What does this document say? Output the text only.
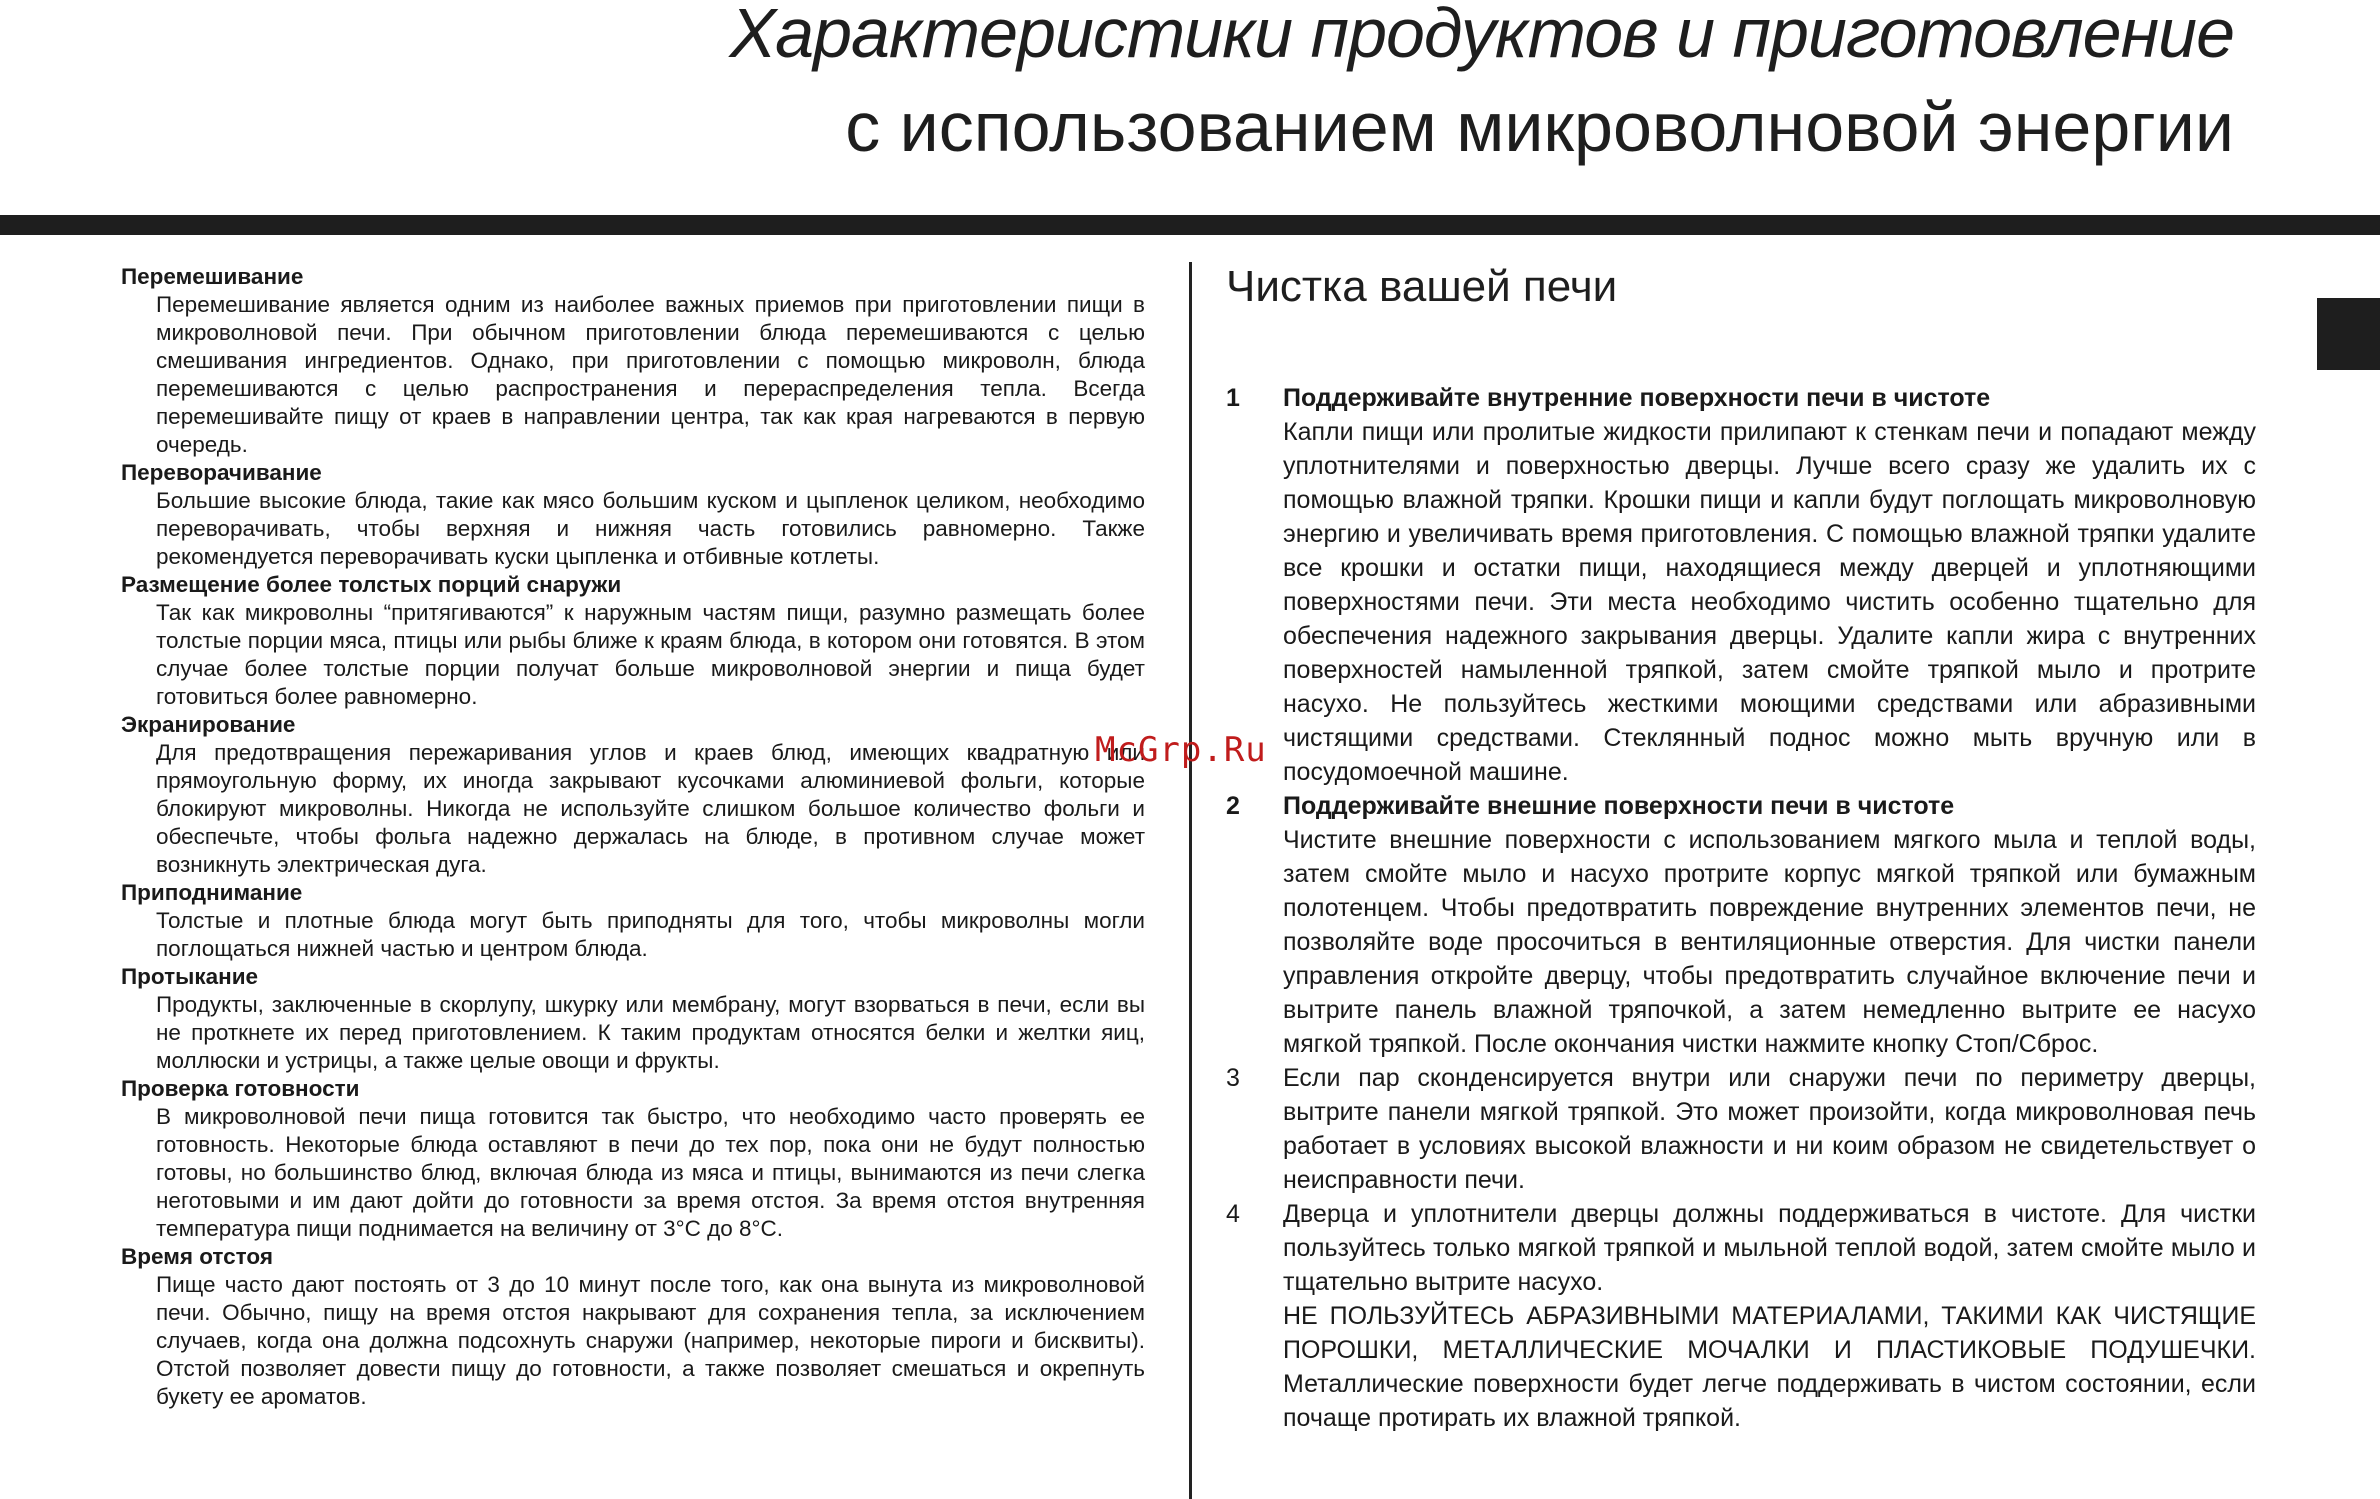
Характеристики продуктов и приготовление
с использованием микроволновой энергии

Перемешивание

Перемешивание является одним из наиболее важных приемов при приготовлении пищи в микроволновой печи. При обычном приготовлении блюда перемешиваются с целью смешивания ингредиентов. Однако, при приготовлении с помощью микроволн, блюда перемешиваются с целью распространения и перераспределения тепла. Всегда перемешивайте пищу от краев в направлении центра, так как края нагреваются в первую очередь.

Переворачивание

Большие высокие блюда, такие как мясо большим куском и цыпленок целиком, необходимо переворачивать, чтобы верхняя и нижняя часть готовились равномерно. Также рекомендуется переворачивать куски цыпленка и отбивные котлеты.

Размещение более толстых порций снаружи

Так как микроволны “притягиваются” к наружным частям пищи, разумно размещать более толстые порции мяса, птицы или рыбы ближе к краям блюда, в котором они готовятся. В этом случае более толстые порции получат больше микроволновой энергии и пища будет готовиться более равномерно.

Экранирование

Для предотвращения пережаривания углов и краев блюд, имеющих квадратную или прямоугольную форму, их иногда закрывают кусочками алюминиевой фольги, которые блокируют микроволны. Никогда не используйте слишком большое количество фольги и обеспечьте, чтобы фольга надежно держалась на блюде, в противном случае может возникнуть электрическая дуга.

Приподнимание

Толстые и плотные блюда могут быть приподняты для того, чтобы микроволны могли поглощаться нижней частью и центром блюда.

Протыкание

Продукты, заключенные в скорлупу, шкурку или мембрану, могут взорваться в печи, если вы не проткнете их перед приготовлением. К таким продуктам относятся белки и желтки яиц, моллюски и устрицы, а также целые овощи и фрукты.

Проверка готовности

В микроволновой печи пища готовится так быстро, что необходимо часто проверять ее готовность. Некоторые блюда оставляют в печи до тех пор, пока они не будут полностью готовы, но большинство блюд, включая блюда из мяса и птицы, вынимаются из печи слегка неготовыми и им дают дойти до готовности за время отстоя. За время отстоя внутренняя температура пищи поднимается на величину от 3°С до 8°С.

Время отстоя

Пище часто дают постоять от 3 до 10 минут после того, как она вынута из микроволновой печи. Обычно, пищу на время отстоя накрывают для сохранения тепла, за исключением случаев, когда она должна подсохнуть снаружи (например, некоторые пироги и бисквиты). Отстой позволяет довести пищу до готовности, а также позволяет смешаться и окрепнуть букету ее ароматов.

Чистка вашей печи
1 Поддерживайте внутренние поверхности печи в чистоте

Капли пищи или пролитые жидкости прилипают к стенкам печи и попадают между уплотнителями и поверхностью дверцы. Лучше всего сразу же удалить их с помощью влажной тряпки. Крошки пищи и капли будут поглощать микроволновую энергию и увеличивать время приготовления. С помощью влажной тряпки удалите все крошки и остатки пищи, находящиеся между дверцей и уплотняющими поверхностями печи. Эти места необходимо чистить особенно тщательно для обеспечения надежного закрывания дверцы. Удалите капли жира с внутренних поверхностей намыленной тряпкой, затем смойте тряпкой мыло и протрите насухо. Не пользуйтесь жесткими моющими средствами или абразивными чистящими средствами. Стеклянный поднос можно мыть вручную или в посудомоечной машине.

2 Поддерживайте внешние поверхности печи в чистоте

Чистите внешние поверхности с использованием мягкого мыла и теплой воды, затем смойте мыло и насухо протрите корпус мягкой тряпкой или бумажным полотенцем. Чтобы предотвратить повреждение внутренних элементов печи, не позволяйте воде просочиться в вентиляционные отверстия. Для чистки панели управления откройте дверцу, чтобы предотвратить случайное включение печи и вытрите панель влажной тряпочкой, а затем немедленно вытрите ее насухо мягкой тряпкой. После окончания чистки нажмите кнопку Стоп/Сброс.

3 Если пар сконденсируется внутри или снаружи печи по периметру дверцы, вытрите панели мягкой тряпкой. Это может произойти, когда микроволновая печь работает в условиях высокой влажности и ни коим образом не свидетельствует о неисправности печи.

4 Дверца и уплотнители дверцы должны поддерживаться в чистоте. Для чистки пользуйтесь только мягкой тряпкой и мыльной теплой водой, затем смойте мыло и тщательно вытрите насухо.

НЕ ПОЛЬЗУЙТЕСЬ АБРАЗИВНЫМИ МАТЕРИАЛАМИ, ТАКИМИ КАК ЧИСТЯЩИЕ ПОРОШКИ, МЕТАЛЛИЧЕСКИЕ МОЧАЛКИ И ПЛАСТИКОВЫЕ ПОДУШЕЧКИ. Металлические поверхности будет легче поддерживать в чистом состоянии, если почаще протирать их влажной тряпкой.

McGrp.Ru
